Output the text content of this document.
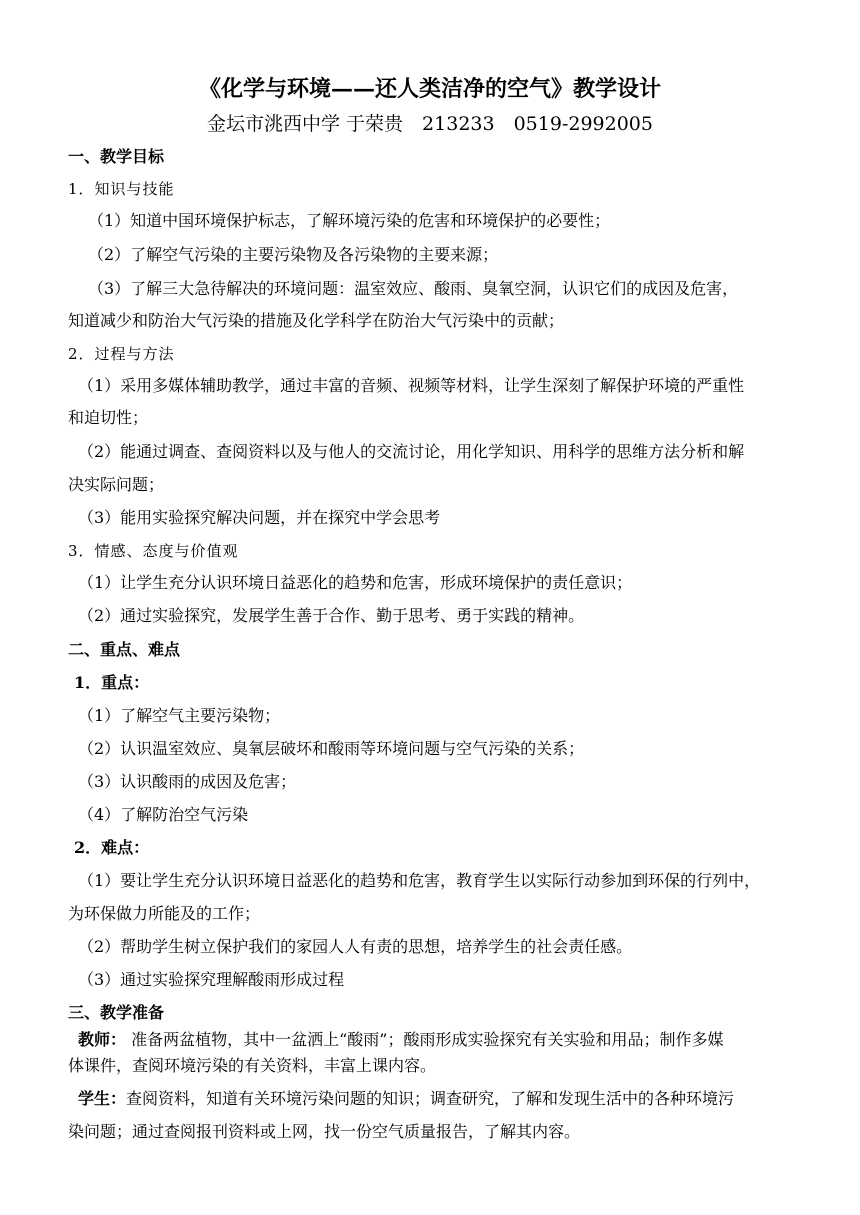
《化学与环境——还人类洁净的空气》教学设计
金坛市洮西中学 于荣贵　213233　0519-2992005
一、教学目标
1．知识与技能
（1）知道中国环境保护标志，了解环境污染的危害和环境保护的必要性；
（2）了解空气污染的主要污染物及各污染物的主要来源；
（3）了解三大急待解决的环境问题：温室效应、酸雨、臭氧空洞，认识它们的成因及危害，
知道减少和防治大气污染的措施及化学科学在防治大气污染中的贡献；
2．过程与方法
（1）采用多媒体辅助教学，通过丰富的音频、视频等材料，让学生深刻了解保护环境的严重性
和迫切性；
（2）能通过调查、查阅资料以及与他人的交流讨论，用化学知识、用科学的思维方法分析和解
决实际问题；
（3）能用实验探究解决问题，并在探究中学会思考
3．情感、态度与价值观
（1）让学生充分认识环境日益恶化的趋势和危害，形成环境保护的责任意识；
（2）通过实验探究，发展学生善于合作、勤于思考、勇于实践的精神。
二、重点、难点
1．重点：
（1）了解空气主要污染物；
（2）认识温室效应、臭氧层破坏和酸雨等环境问题与空气污染的关系；
（3）认识酸雨的成因及危害；
（4）了解防治空气污染
2．难点：
（1）要让学生充分认识环境日益恶化的趋势和危害，教育学生以实际行动参加到环保的行列中，
为环保做力所能及的工作；
（2）帮助学生树立保护我们的家园人人有责的思想，培养学生的社会责任感。
（3）通过实验探究理解酸雨形成过程
三、教学准备
教师： 准备两盆植物，其中一盆洒上“酸雨”；酸雨形成实验探究有关实验和用品；制作多媒
体课件，查阅环境污染的有关资料，丰富上课内容。
学生：查阅资料，知道有关环境污染问题的知识；调查研究，了解和发现生活中的各种环境污
染问题；通过查阅报刊资料或上网，找一份空气质量报告，了解其内容。
